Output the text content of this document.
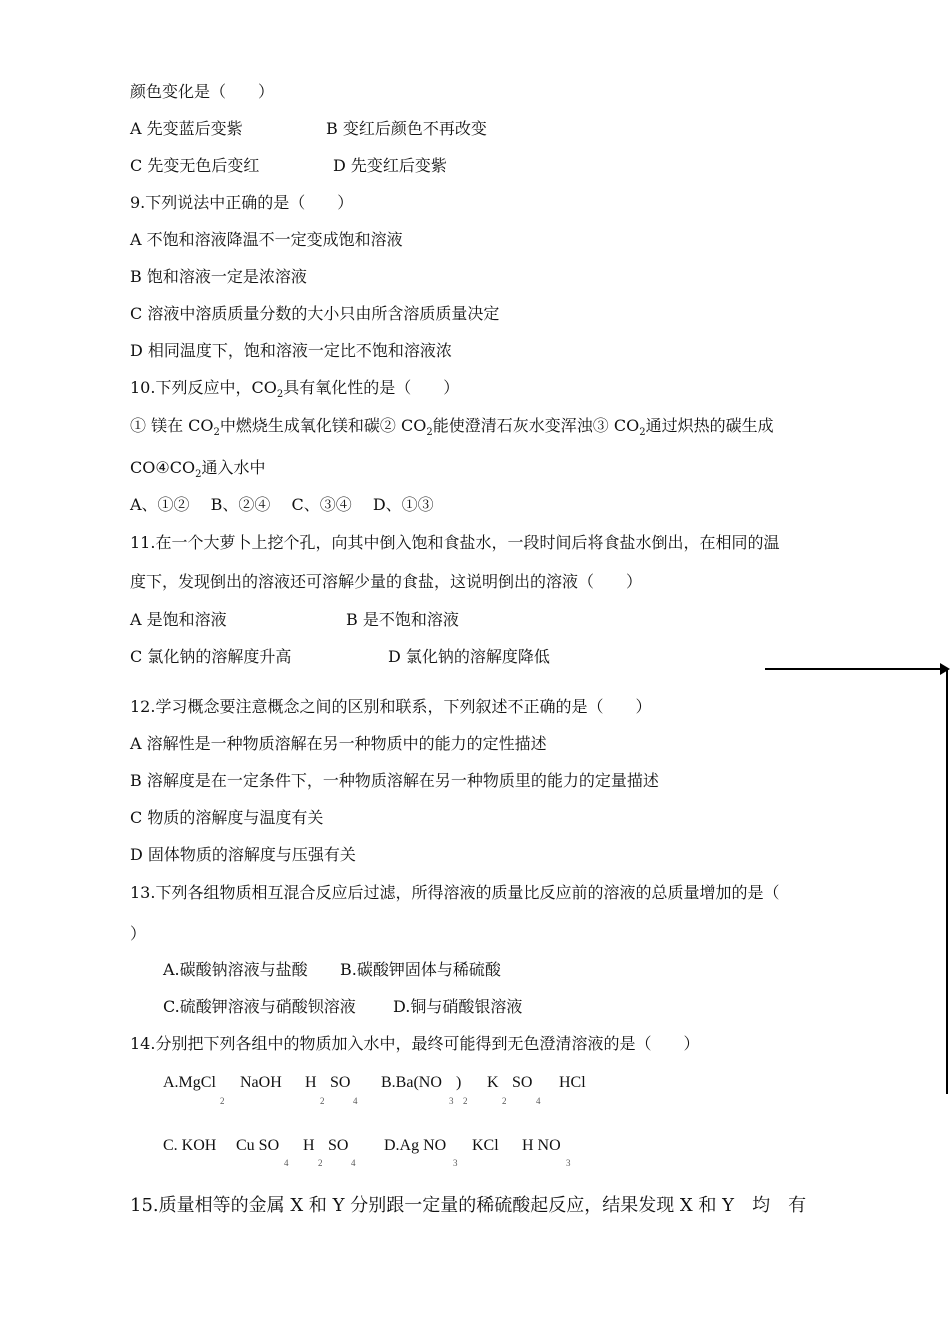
颜色变化是（　　）
A 先变蓝后变紫	B 变红后颜色不再改变
C 先变无色后变红	D 先变红后变紫
9.下列说法中正确的是（　　）
A 不饱和溶液降温不一定变成饱和溶液
B 饱和溶液一定是浓溶液
C 溶液中溶质质量分数的大小只由所含溶质质量决定
D 相同温度下，饱和溶液一定比不饱和溶液浓
10.下列反应中，$CO_2$具有氧化性的是（　　）
① 镁在 $CO_2$中燃烧生成氧化镁和碳② $CO_2$能使澄清石灰水变浑浊③ $CO_2$通过炽热的碳生成
$CO④CO_2$通入水中
A、①②　 B、②④　 C、③④　 D、①③
11.在一个大萝卜上挖个孔，向其中倒入饱和食盐水，一段时间后将食盐水倒出，在相同的温
度下，发现倒出的溶液还可溶解少量的食盐，这说明倒出的溶液（　　）
A 是饱和溶液	B 是不饱和溶液
C 氯化钠的溶解度升高	D 氯化钠的溶解度降低
12.学习概念要注意概念之间的区别和联系，下列叙述不正确的是（　　）
A 溶解性是一种物质溶解在另一种物质中的能力的定性描述
B 溶解度是在一定条件下，一种物质溶解在另一种物质里的能力的定量描述
C 物质的溶解度与温度有关
D 固体物质的溶解度与压强有关
13.下列各组物质相互混合反应后过滤，所得溶液的质量比反应前的溶液的总质量增加的是（
）
A.碳酸钠溶液与盐酸 B.碳酸钾固体与稀硫酸
C.硫酸钾溶液与硝酸钡溶液 D.铜与硝酸银溶液
14.分别把下列各组中的物质加入水中，最终可能得到无色澄清溶液的是（　　）
A.MgCl NaOH H SO B.Ba(NO ) K SO HCl
2	2	4	3 2	2	4
C. KOH Cu SO H SO D.Ag NO KCl H NO
4	2	4	3	3
15.质量相等的金属 X 和 Y 分别跟一定量的稀硫酸起反应，结果发现 X 和 Y　均　有
